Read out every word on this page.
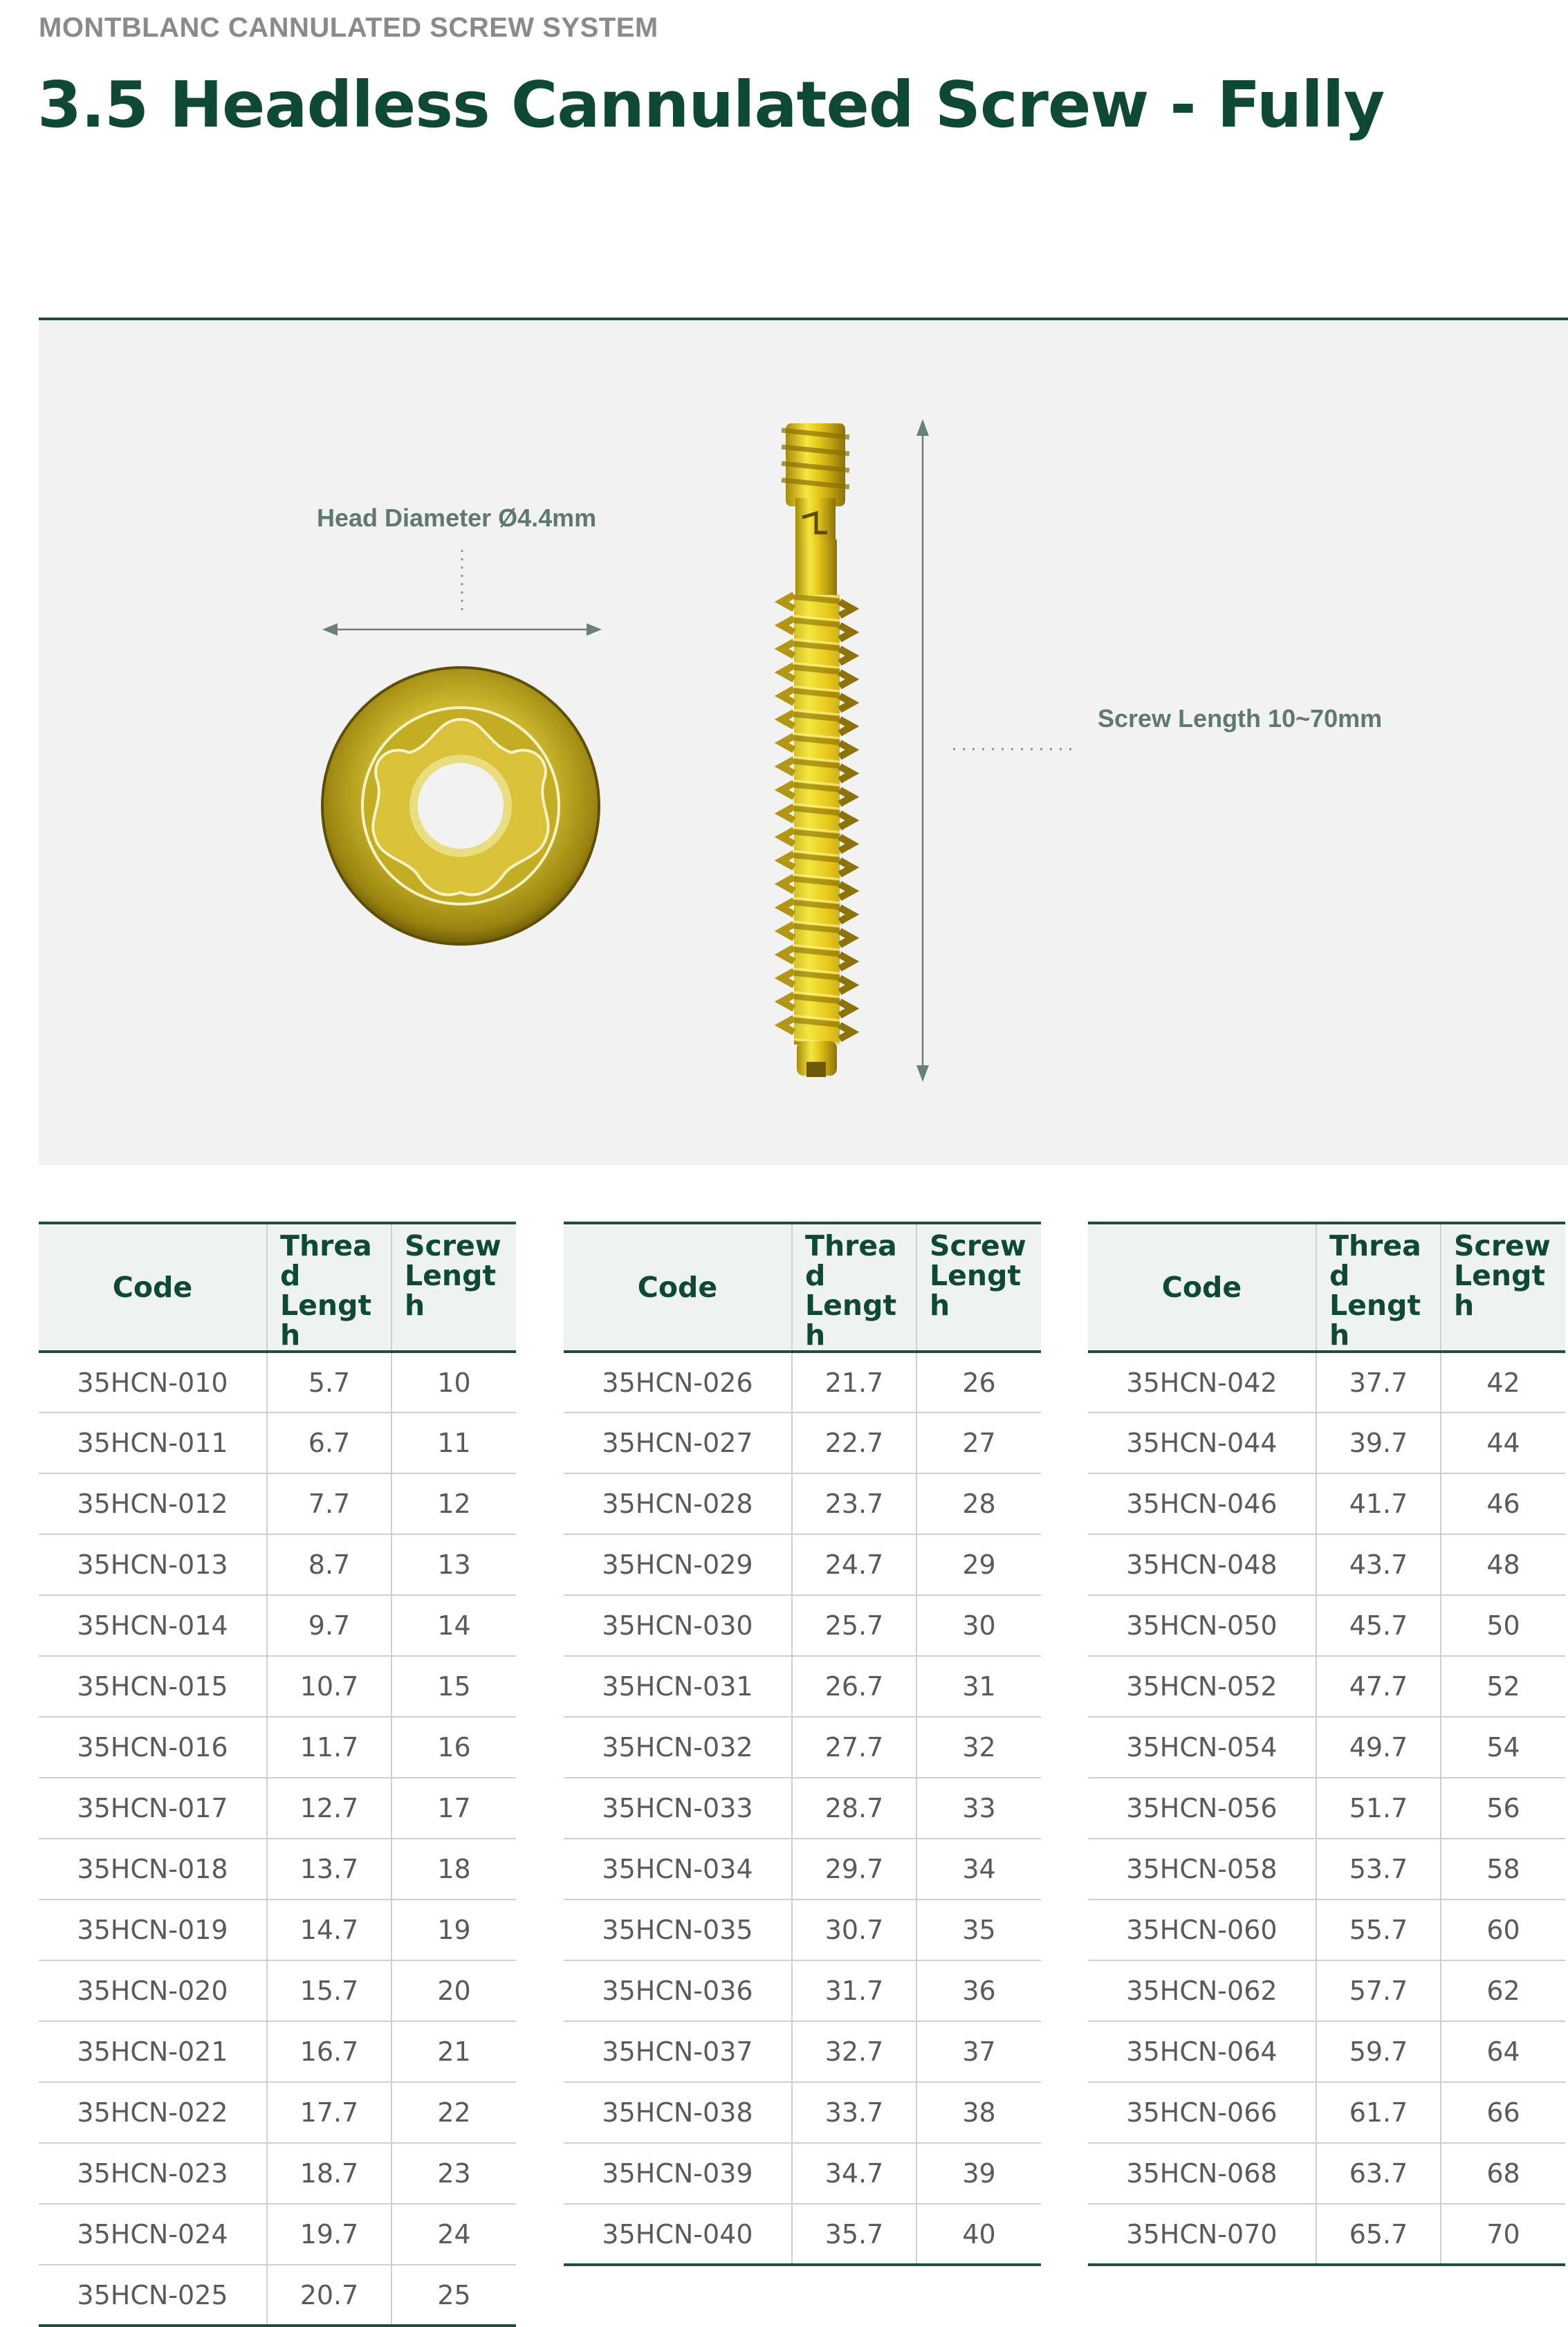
MONTBLANC CANNULATED SCREW SYSTEM
3.5 Headless Cannulated Screw - Fully
Head Diameter Ø4.4mm
Screw Length 10~70mm
Code	Threa d Lengt h	Screw Lengt h
35HCN-010	5.7	10
35HCN-011	6.7	11
35HCN-012	7.7	12
35HCN-013	8.7	13
35HCN-014	9.7	14
35HCN-015	10.7	15
35HCN-016	11.7	16
35HCN-017	12.7	17
35HCN-018	13.7	18
35HCN-019	14.7	19
35HCN-020	15.7	20
35HCN-021	16.7	21
35HCN-022	17.7	22
35HCN-023	18.7	23
35HCN-024	19.7	24
35HCN-025	20.7	25
Code	Threa d Lengt h	Screw Lengt h
35HCN-026	21.7	26
35HCN-027	22.7	27
35HCN-028	23.7	28
35HCN-029	24.7	29
35HCN-030	25.7	30
35HCN-031	26.7	31
35HCN-032	27.7	32
35HCN-033	28.7	33
35HCN-034	29.7	34
35HCN-035	30.7	35
35HCN-036	31.7	36
35HCN-037	32.7	37
35HCN-038	33.7	38
35HCN-039	34.7	39
35HCN-040	35.7	40
Code	Threa d Lengt h	Screw Lengt h
35HCN-042	37.7	42
35HCN-044	39.7	44
35HCN-046	41.7	46
35HCN-048	43.7	48
35HCN-050	45.7	50
35HCN-052	47.7	52
35HCN-054	49.7	54
35HCN-056	51.7	56
35HCN-058	53.7	58
35HCN-060	55.7	60
35HCN-062	57.7	62
35HCN-064	59.7	64
35HCN-066	61.7	66
35HCN-068	63.7	68
35HCN-070	65.7	70
